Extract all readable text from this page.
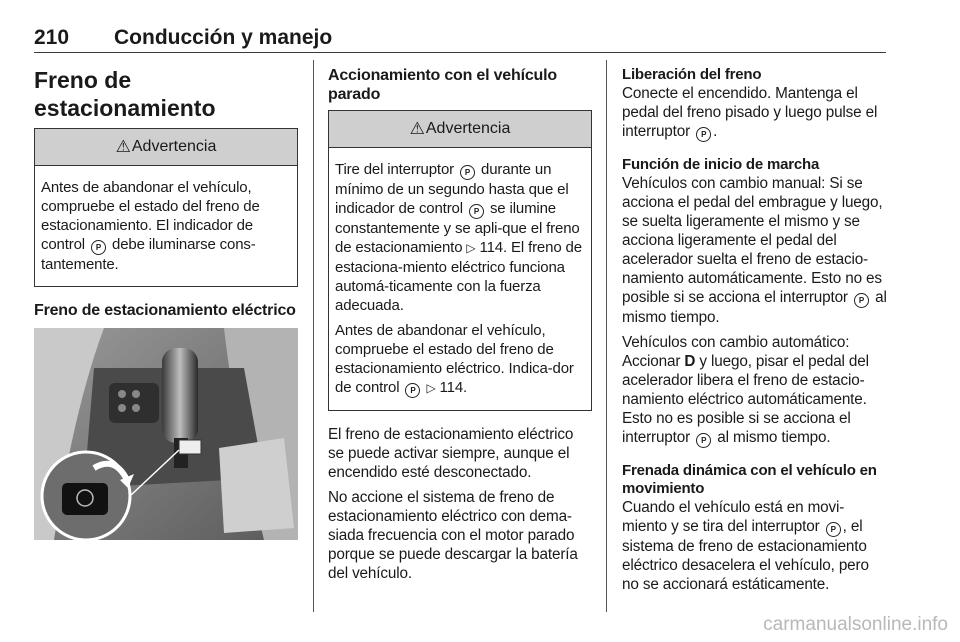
210 Conducción y manejo
Freno de estacionamiento
⚠ Advertencia

Antes de abandonar el vehículo, compruebe el estado del freno de estacionamiento. El indicador de control P debe iluminarse cons-tantemente.

Freno de estacionamiento eléctrico
Accionamiento con el vehículo parado
⚠ Advertencia

Tire del interruptor P durante un mínimo de un segundo hasta que el indicador de control P se ilumine constantemente y se apli-que el freno de estacionamiento ▷ 114. El freno de estaciona-miento eléctrico funciona automá-ticamente con la fuerza adecuada.

Antes de abandonar el vehículo, compruebe el estado del freno de estacionamiento eléctrico. Indica-dor de control P ▷ 114.

El freno de estacionamiento eléctrico se puede activar siempre, aunque el encendido esté desconectado.

No accione el sistema de freno de estacionamiento eléctrico con dema-siada frecuencia con el motor parado porque se puede descargar la batería del vehículo.

Liberación del freno

Conecte el encendido. Mantenga el pedal del freno pisado y luego pulse el interruptor P .

Función de inicio de marcha

Vehículos con cambio manual: Si se acciona el pedal del embrague y luego, se suelta ligeramente el mismo y se acciona ligeramente el pedal del acelerador suelta el freno de estacio-namiento automáticamente. Esto no es posible si se acciona el interruptor P al mismo tiempo.

Vehículos con cambio automático: Accionar D y luego, pisar el pedal del acelerador libera el freno de estacio-namiento eléctrico automáticamente. Esto no es posible si se acciona el interruptor P al mismo tiempo.

Frenada dinámica con el vehículo en movimiento

Cuando el vehículo está en movi-miento y se tira del interruptor P , el sistema de freno de estacionamiento eléctrico desacelera el vehículo, pero no se accionará estáticamente.

carmanualsonline.info
